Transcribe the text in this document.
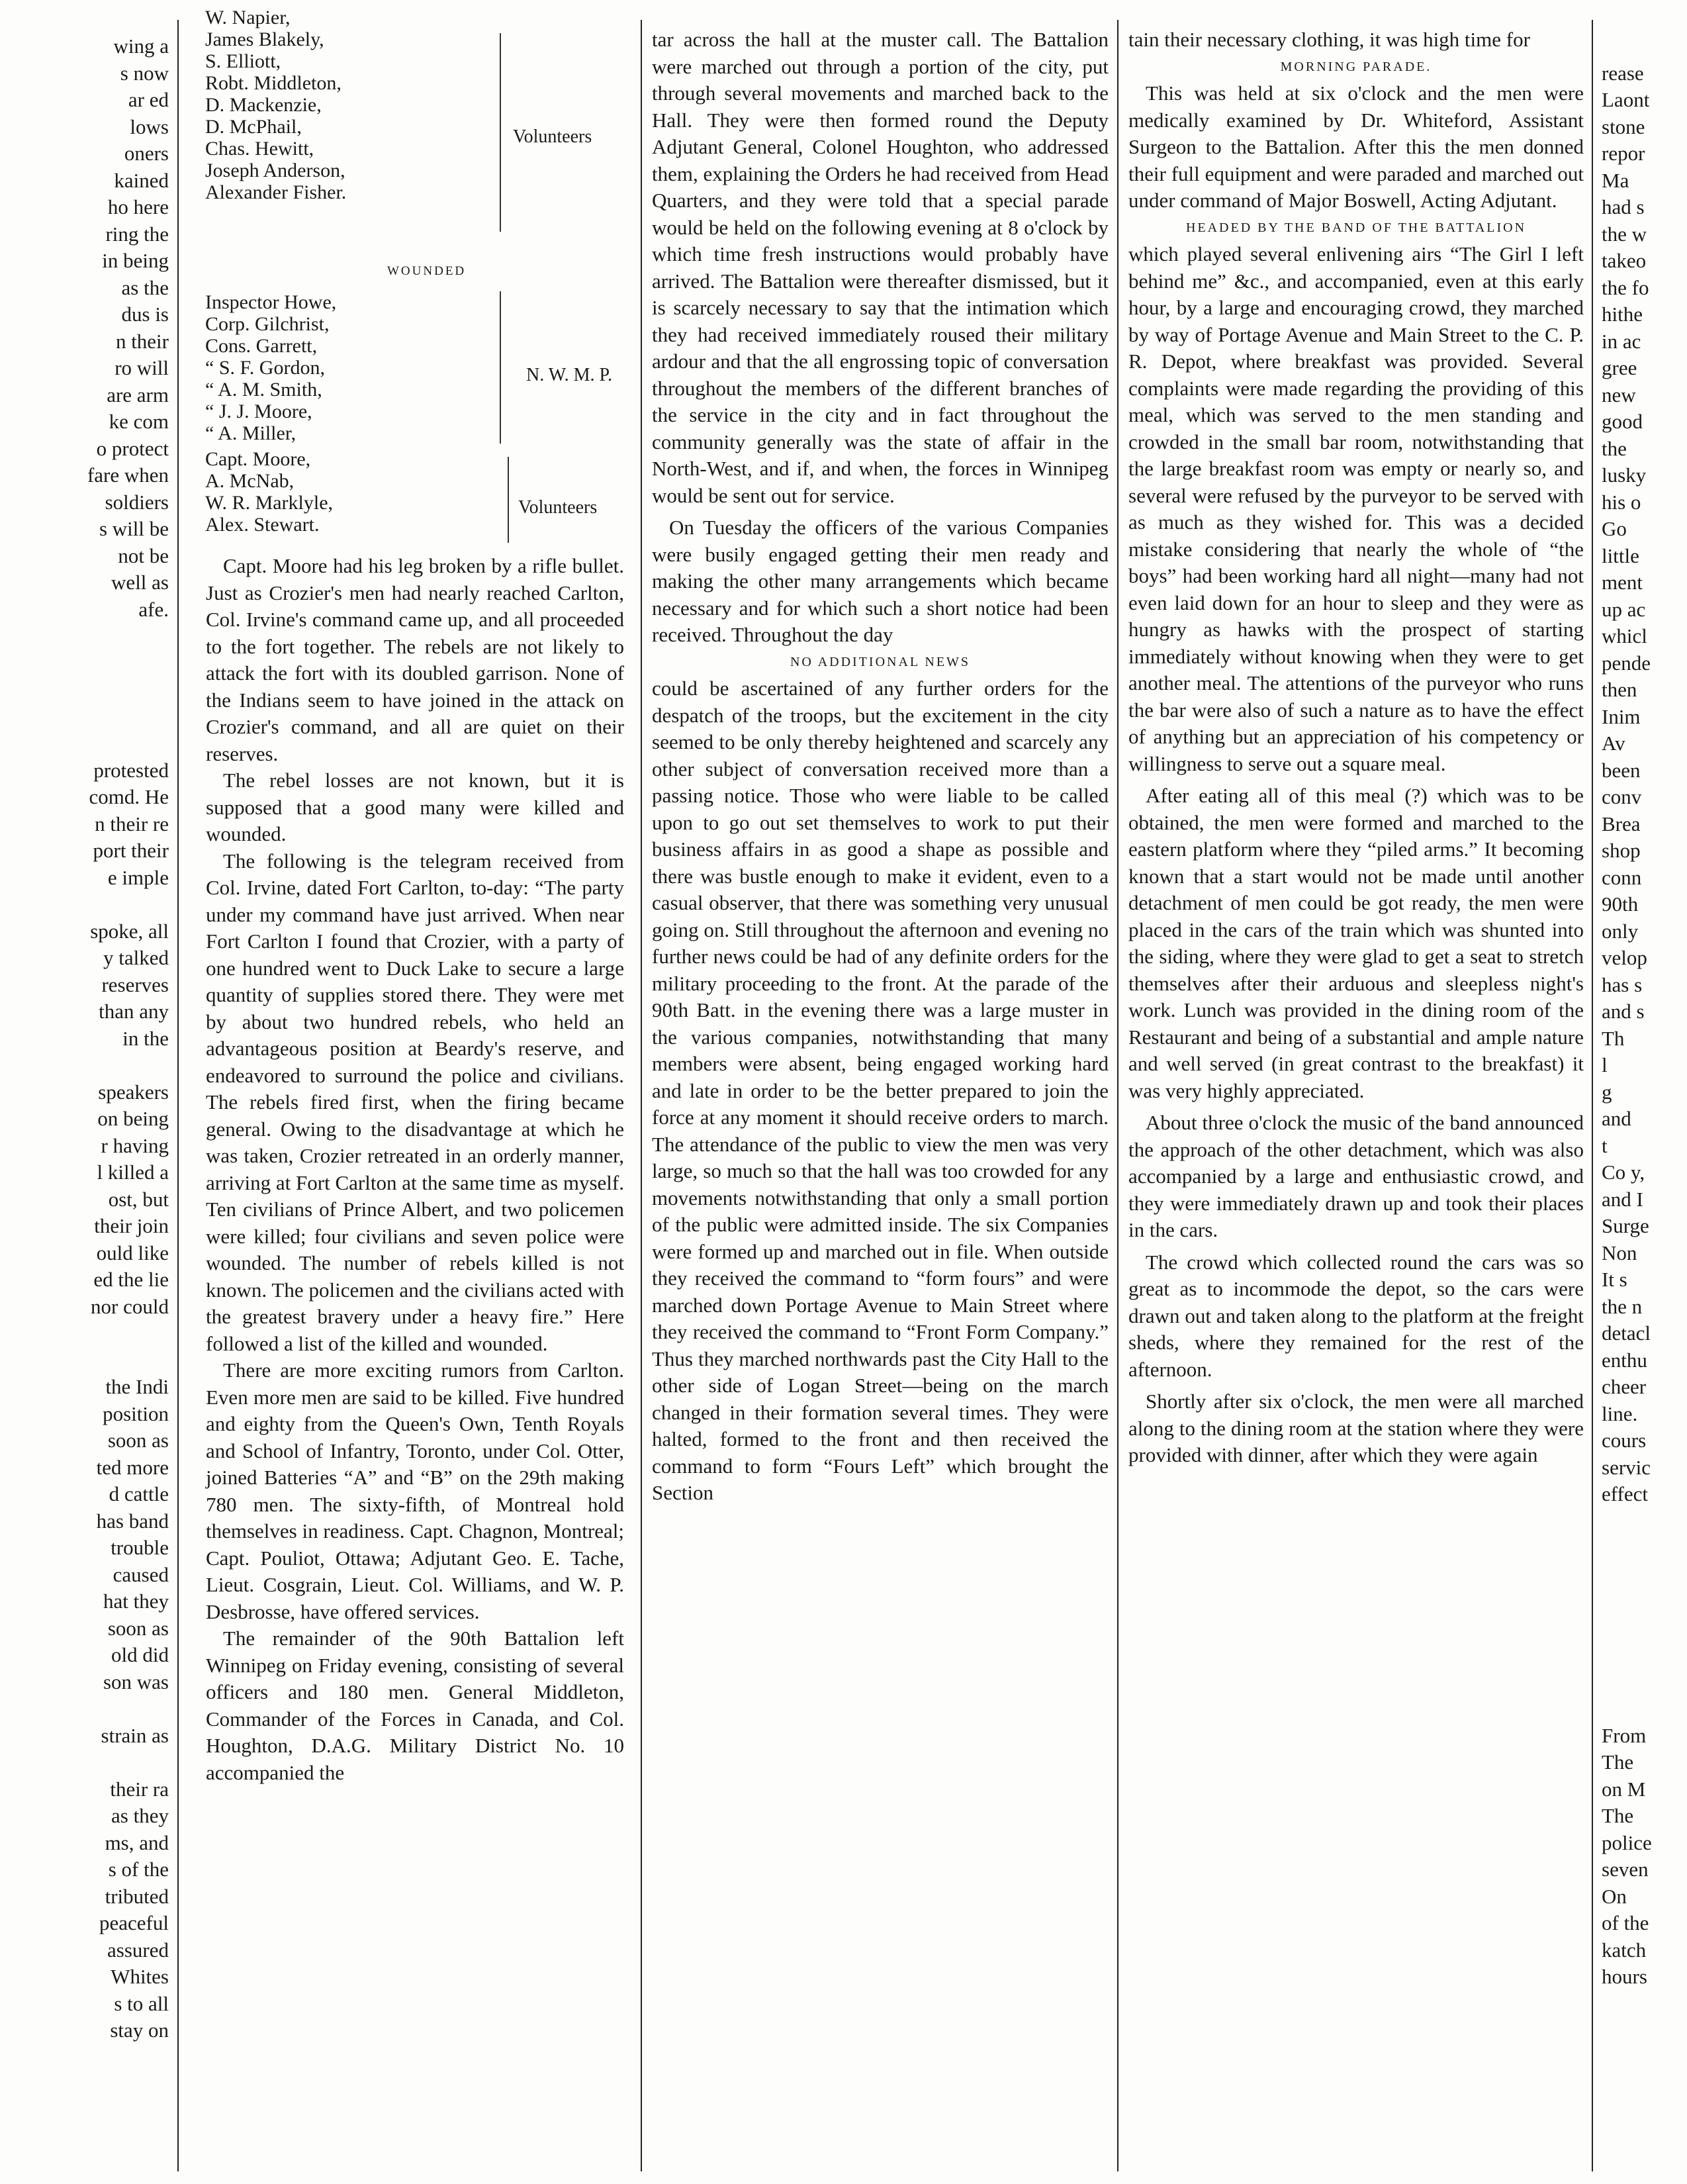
wing a
s now
ar ed
lows
oners
kained
ho here
ring the
in being
as the
dus is
n their
ro will
are arm
ke com
o protect
fare when
soldiers
s will be
not be
well as
afe.

protested
comd. He
n their re
port their
e imple

spoke, all
y talked
reserves
than any
in the

speakers
on being
r having
l killed a
ost, but
their join
ould like
ed the lie
nor could

the Indi
position
soon as
ted more
d cattle
has band
trouble
caused
hat they
soon as
old did
son was

strain as

their ra
as they
ms, and
s of the
tributed
peaceful
assured
Whites
s to all
stay on
W. Napier,
James Blakely,
S. Elliott,
Robt. Middleton,
D. Mackenzie,
D. McPhail,
Chas. Hewitt,
Joseph Anderson,
Alexander Fisher.
Volunteers
WOUNDED
Inspector Howe,
Corp. Gilchrist,
Cons. Garrett,
“ S. F. Gordon,
“ A. M. Smith,
“ J. J. Moore,
“ A. Miller,
N. W. M. P.
Capt. Moore,
A. McNab,
W. R. Marklyle,
Alex. Stewart.
Volunteers

Capt. Moore had his leg broken by a rifle bullet. Just as Crozier's men had nearly reached Carlton, Col. Irvine's command came up, and all proceeded to the fort together. The rebels are not likely to attack the fort with its doubled garrison. None of the Indians seem to have joined in the attack on Crozier's command, and all are quiet on their reserves.

The rebel losses are not known, but it is supposed that a good many were killed and wounded.

The following is the telegram received from Col. Irvine, dated Fort Carlton, to-day: “The party under my command have just arrived. When near Fort Carlton I found that Crozier, with a party of one hundred went to Duck Lake to secure a large quantity of supplies stored there. They were met by about two hundred rebels, who held an advantageous position at Beardy's reserve, and endeavored to surround the police and civilians. The rebels fired first, when the firing became general. Owing to the disadvantage at which he was taken, Crozier retreated in an orderly manner, arriving at Fort Carlton at the same time as myself. Ten civilians of Prince Albert, and two policemen were killed; four civilians and seven police were wounded. The number of rebels killed is not known. The policemen and the civilians acted with the greatest bravery under a heavy fire.” Here followed a list of the killed and wounded.

There are more exciting rumors from Carlton. Even more men are said to be killed. Five hundred and eighty from the Queen's Own, Tenth Royals and School of Infantry, Toronto, under Col. Otter, joined Batteries “A” and “B” on the 29th making 780 men. The sixty-fifth, of Montreal hold themselves in readiness. Capt. Chagnon, Montreal; Capt. Pouliot, Ottawa; Adjutant Geo. E. Tache, Lieut. Cosgrain, Lieut. Col. Williams, and W. P. Desbrosse, have offered services.

The remainder of the 90th Battalion left Winnipeg on Friday evening, consisting of several officers and 180 men. General Middleton, Commander of the Forces in Canada, and Col. Houghton, D.A.G. Military District No. 10 accompanied the

tar across the hall at the muster call. The Battalion were marched out through a portion of the city, put through several movements and marched back to the Hall. They were then formed round the Deputy Adjutant General, Colonel Houghton, who addressed them, explaining the Orders he had received from Head Quarters, and they were told that a special parade would be held on the following evening at 8 o'clock by which time fresh instructions would probably have arrived. The Battalion were thereafter dismissed, but it is scarcely necessary to say that the intimation which they had received immediately roused their military ardour and that the all engrossing topic of conversation throughout the members of the different branches of the service in the city and in fact throughout the community generally was the state of affair in the North-West, and if, and when, the forces in Winnipeg would be sent out for service.

On Tuesday the officers of the various Companies were busily engaged getting their men ready and making the other many arrangements which became necessary and for which such a short notice had been received. Throughout the day

NO ADDITIONAL NEWS

could be ascertained of any further orders for the despatch of the troops, but the excitement in the city seemed to be only thereby heightened and scarcely any other subject of conversation received more than a passing notice. Those who were liable to be called upon to go out set themselves to work to put their business affairs in as good a shape as possible and there was bustle enough to make it evident, even to a casual observer, that there was something very unusual going on. Still throughout the afternoon and evening no further news could be had of any definite orders for the military proceeding to the front. At the parade of the 90th Batt. in the evening there was a large muster in the various companies, notwithstanding that many members were absent, being engaged working hard and late in order to be the better prepared to join the force at any moment it should receive orders to march. The attendance of the public to view the men was very large, so much so that the hall was too crowded for any movements notwithstanding that only a small portion of the public were admitted inside. The six Companies were formed up and marched out in file. When outside they received the command to “form fours” and were marched down Portage Avenue to Main Street where they received the command to “Front Form Company.” Thus they marched northwards past the City Hall to the other side of Logan Street—being on the march changed in their formation several times. They were halted, formed to the front and then received the command to form “Fours Left” which brought the Section

tain their necessary clothing, it was high time for

MORNING PARADE.

This was held at six o'clock and the men were medically examined by Dr. Whiteford, Assistant Surgeon to the Battalion. After this the men donned their full equipment and were paraded and marched out under command of Major Boswell, Acting Adjutant.

HEADED BY THE BAND OF THE BATTALION

which played several enlivening airs “The Girl I left behind me” &c., and accompanied, even at this early hour, by a large and encouraging crowd, they marched by way of Portage Avenue and Main Street to the C. P. R. Depot, where breakfast was provided. Several complaints were made regarding the providing of this meal, which was served to the men standing and crowded in the small bar room, notwithstanding that the large breakfast room was empty or nearly so, and several were refused by the purveyor to be served with as much as they wished for. This was a decided mistake considering that nearly the whole of “the boys” had been working hard all night—many had not even laid down for an hour to sleep and they were as hungry as hawks with the prospect of starting immediately without knowing when they were to get another meal. The attentions of the purveyor who runs the bar were also of such a nature as to have the effect of anything but an appreciation of his competency or willingness to serve out a square meal.

After eating all of this meal (?) which was to be obtained, the men were formed and marched to the eastern platform where they “piled arms.” It becoming known that a start would not be made until another detachment of men could be got ready, the men were placed in the cars of the train which was shunted into the siding, where they were glad to get a seat to stretch themselves after their arduous and sleepless night's work. Lunch was provided in the dining room of the Restaurant and being of a substantial and ample nature and well served (in great contrast to the breakfast) it was very highly appreciated.

About three o'clock the music of the band announced the approach of the other detachment, which was also accompanied by a large and enthusiastic crowd, and they were immediately drawn up and took their places in the cars.

The crowd which collected round the cars was so great as to incommode the depot, so the cars were drawn out and taken along to the platform at the freight sheds, where they remained for the rest of the afternoon.

Shortly after six o'clock, the men were all marched along to the dining room at the station where they were provided with dinner, after which they were again

rease
Laont
stone
repor
Ma
had s
the w
takeo
the fo
hithe
in ac
gree
new
good
the
lusky
his o
Go
little
ment
up ac
whicl
pende
then
Inim
Av
been
conv
Brea
shop
conn
90th
only
velop
has s
and s
Th
l
g
and
t
Co y,
and I
Surge
Non
It s
the n
detacl
enthu
cheer
line.
cours
servic
effect

From
The
on M
The
police
seven
On
of the
katch
hours
